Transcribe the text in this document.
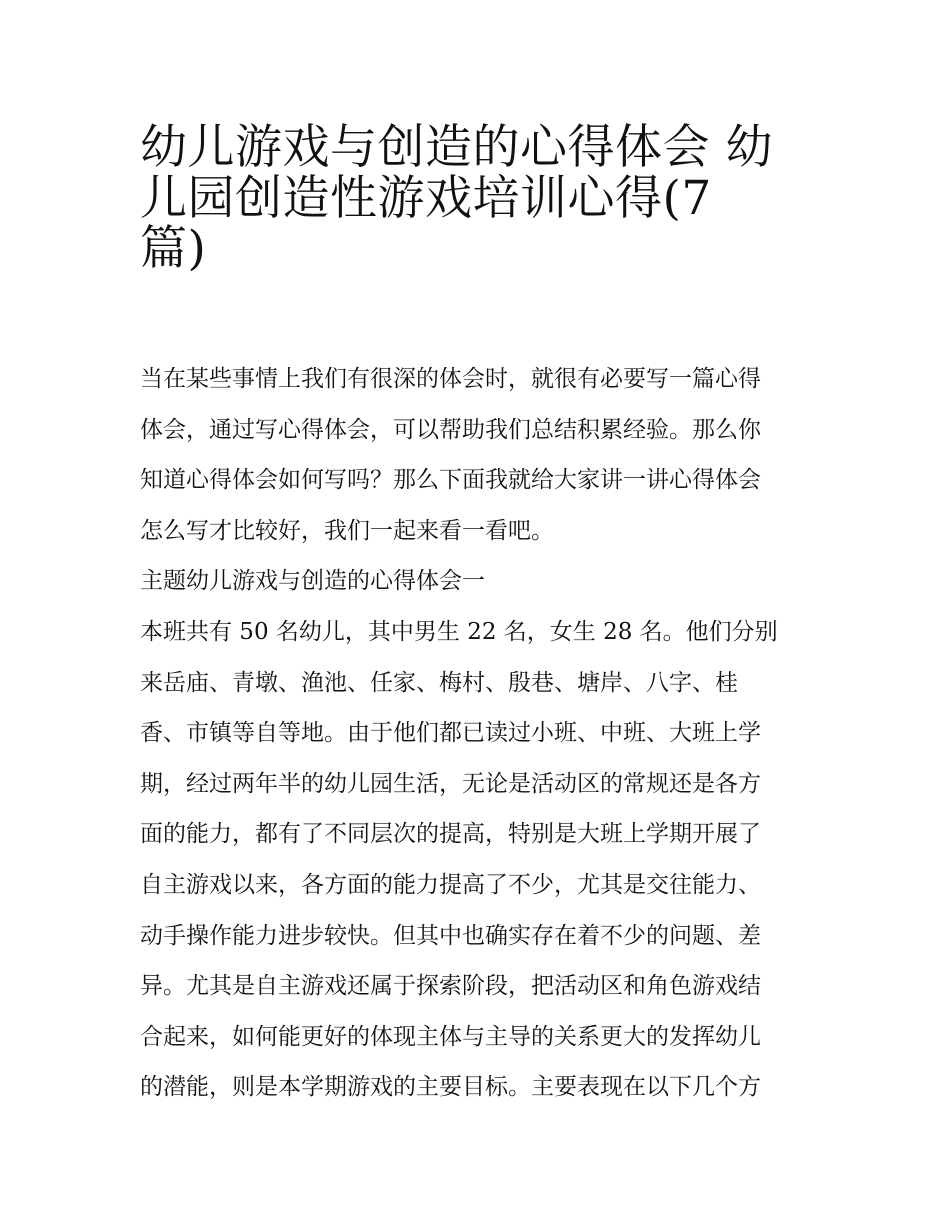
幼儿游戏与创造的心得体会 幼
儿园创造性游戏培训心得(7
篇)

当在某些事情上我们有很深的体会时，就很有必要写一篇心得
体会，通过写心得体会，可以帮助我们总结积累经验。那么你
知道心得体会如何写吗？那么下面我就给大家讲一讲心得体会
怎么写才比较好，我们一起来看一看吧。

主题幼儿游戏与创造的心得体会一

本班共有 50 名幼儿，其中男生 22 名，女生 28 名。他们分别
来岳庙、青墩、渔池、任家、梅村、殷巷、塘岸、八字、桂
香、市镇等自等地。由于他们都已读过小班、中班、大班上学
期，经过两年半的幼儿园生活，无论是活动区的常规还是各方
面的能力，都有了不同层次的提高，特别是大班上学期开展了
自主游戏以来，各方面的能力提高了不少，尤其是交往能力、
动手操作能力进步较快。但其中也确实存在着不少的问题、差
异。尤其是自主游戏还属于探索阶段，把活动区和角色游戏结
合起来，如何能更好的体现主体与主导的关系更大的发挥幼儿
的潜能，则是本学期游戏的主要目标。主要表现在以下几个方
